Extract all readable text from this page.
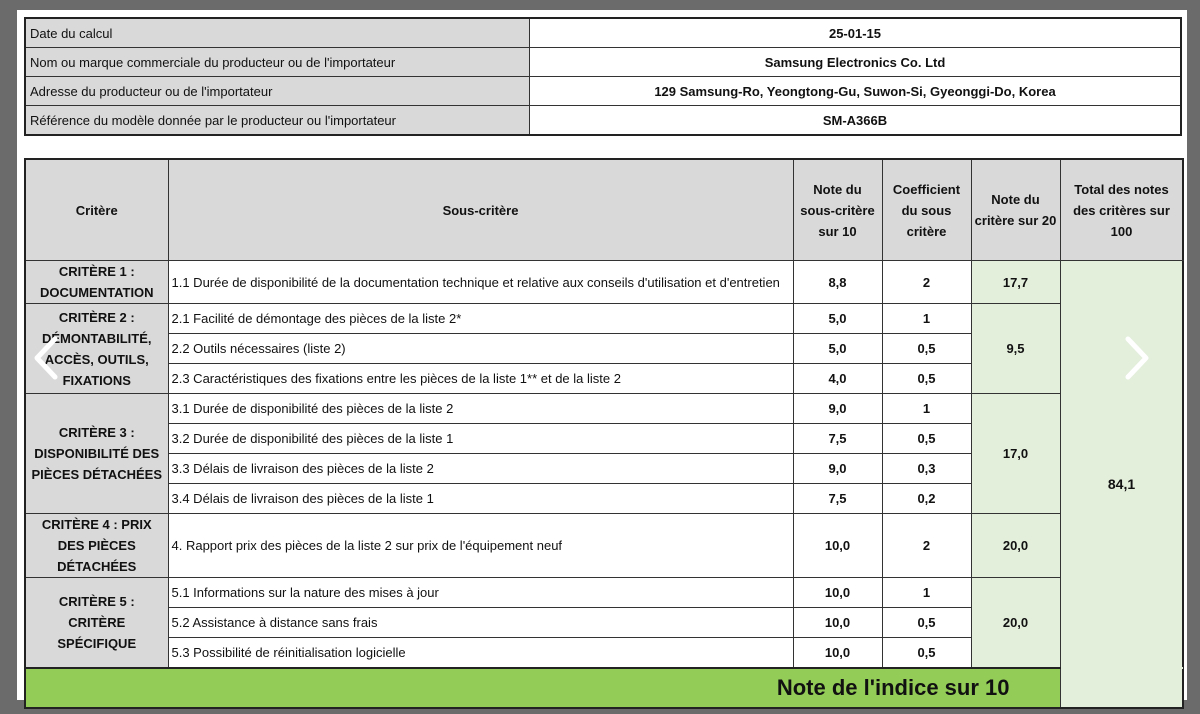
Date du calcul	25-01-15
Nom ou marque commerciale du producteur ou de l'importateur	Samsung Electronics Co. Ltd
Adresse du producteur ou de l'importateur	129 Samsung-Ro, Yeongtong-Gu, Suwon-Si, Gyeonggi-Do, Korea
Référence du modèle donnée par le producteur ou l'importateur	SM-A366B
Critère	Sous-critère	Note du sous-critère sur 10	Coefficient du sous critère	Note du critère sur 20	Total des notes des critères sur 100	
CRITÈRE 1 : DOCUMENTATION	1.1 Durée de disponibilité de la documentation technique et relative aux conseils d'utilisation et d'entretien	8,8	2	17,7	84,1	
CRITÈRE 2 : DÉMONTABILITÉ, ACCÈS, OUTILS, FIXATIONS	2.1 Facilité de démontage des pièces de la liste 2*	5,0	1	9,5		
	2.2 Outils nécessaires (liste 2)	5,0	0,5			
	2.3 Caractéristiques des fixations entre les pièces de la liste 1** et de la liste 2	4,0	0,5			
CRITÈRE 3 : DISPONIBILITÉ DES PIÈCES DÉTACHÉES	3.1 Durée de disponibilité des pièces de la liste 2	9,0	1	17,0		
	3.2 Durée de disponibilité des pièces de la liste 1	7,5	0,5			
	3.3 Délais de livraison des pièces de la liste 2	9,0	0,3			
	3.4 Délais de livraison des pièces de la liste 1	7,5	0,2			
CRITÈRE 4 : PRIX DES PIÈCES DÉTACHÉES	4. Rapport prix des pièces de la liste 2 sur prix de l'équipement neuf	10,0	2	20,0		
CRITÈRE 5 : CRITÈRE SPÉCIFIQUE	5.1 Informations sur la nature des mises à jour	10,0	1	20,0		
	5.2 Assistance à distance sans frais	10,0	0,5			
	5.3 Possibilité de réinitialisation logicielle	10,0	0,5			
Note de l'indice sur 10	
